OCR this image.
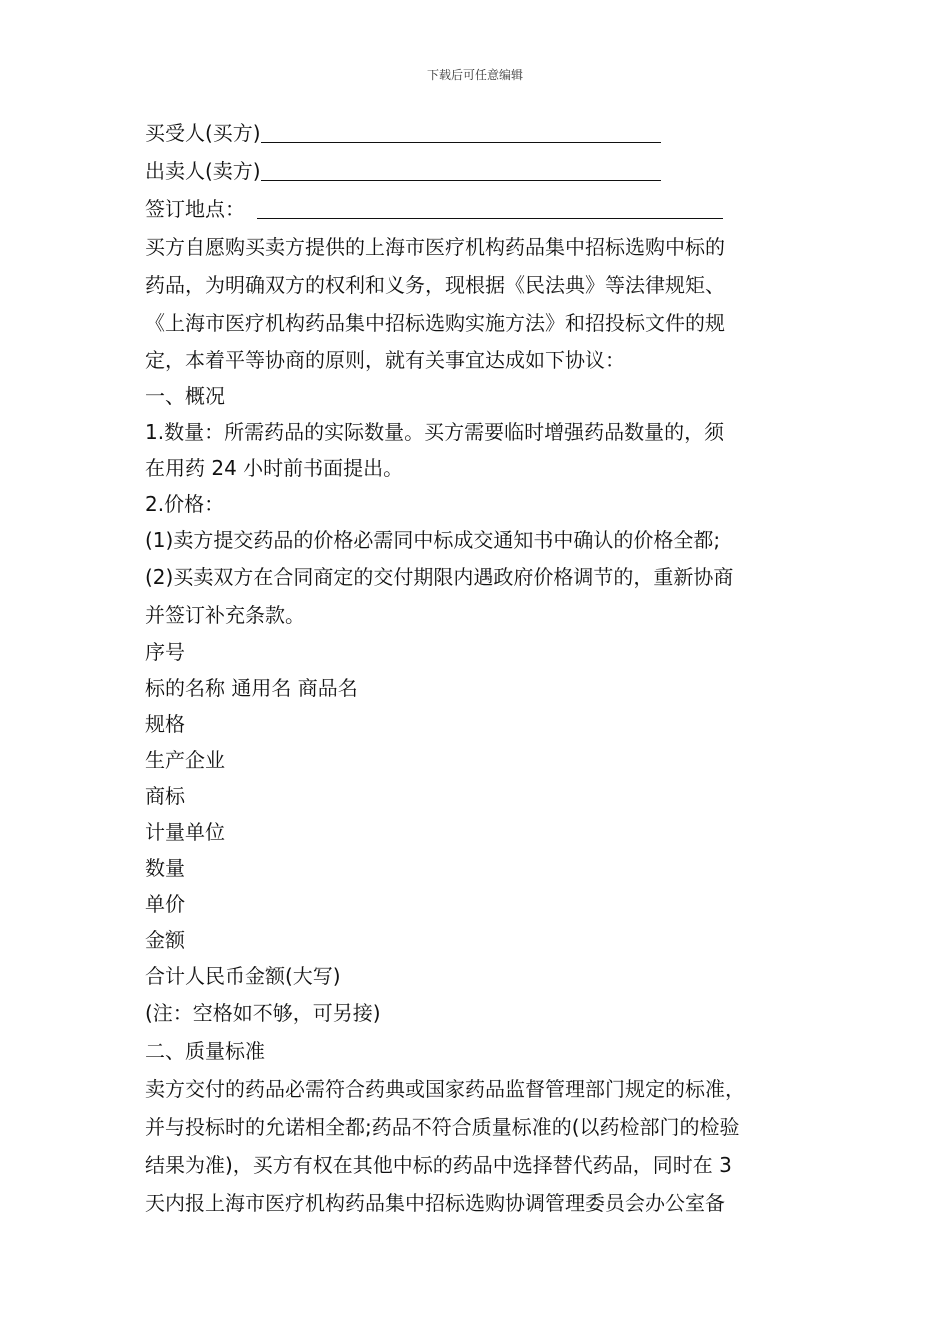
下载后可任意编辑
买受人(买方)
出卖人(卖方)
签订地点：
买方自愿购买卖方提供的上海市医疗机构药品集中招标选购中标的
药品，为明确双方的权利和义务，现根据《民法典》等法律规矩、
《上海市医疗机构药品集中招标选购实施方法》和招投标文件的规
定，本着平等协商的原则，就有关事宜达成如下协议：
一、概况
1.数量：所需药品的实际数量。买方需要临时增强药品数量的，须
在用药 24 小时前书面提出。
2.价格：
(1)卖方提交药品的价格必需同中标成交通知书中确认的价格全都;
(2)买卖双方在合同商定的交付期限内遇政府价格调节的，重新协商
并签订补充条款。
序号
标的名称 通用名 商品名
规格
生产企业
商标
计量单位
数量
单价
金额
合计人民币金额(大写)
(注：空格如不够，可另接)
二、质量标准
卖方交付的药品必需符合药典或国家药品监督管理部门规定的标准，
并与投标时的允诺相全都;药品不符合质量标准的(以药检部门的检验
结果为准)，买方有权在其他中标的药品中选择替代药品，同时在 3
天内报上海市医疗机构药品集中招标选购协调管理委员会办公室备
